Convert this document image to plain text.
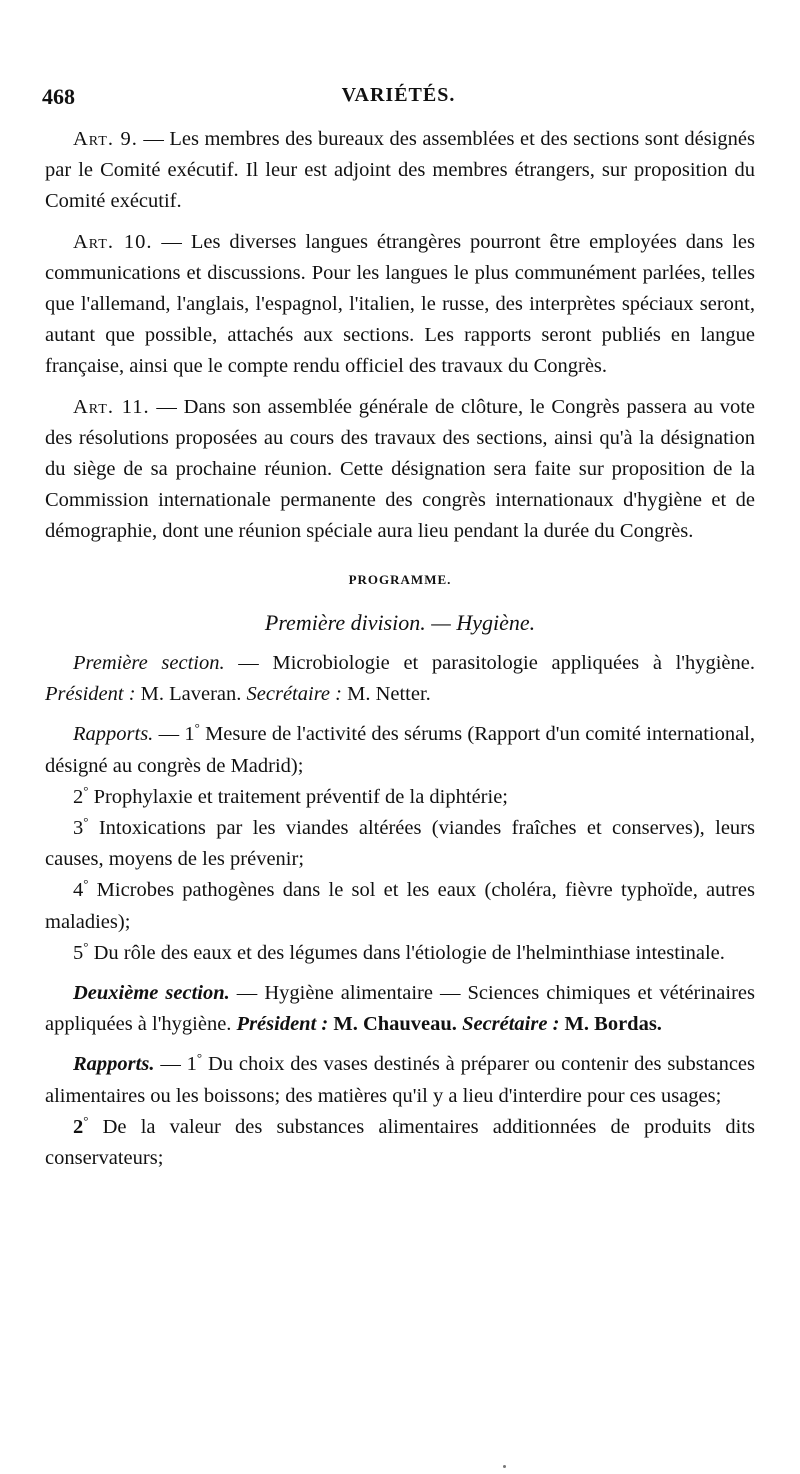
468	VARIÉTÉS.

Art. 9. — Les membres des bureaux des assemblées et des sections sont désignés par le Comité exécutif. Il leur est adjoint des membres étrangers, sur proposition du Comité exécutif.

Art. 10. — Les diverses langues étrangères pourront être employées dans les communications et discussions. Pour les langues le plus communément parlées, telles que l'allemand, l'anglais, l'espagnol, l'italien, le russe, des interprètes spéciaux seront, autant que possible, attachés aux sections. Les rapports seront publiés en langue française, ainsi que le compte rendu officiel des travaux du Congrès.

Art. 11. — Dans son assemblée générale de clôture, le Congrès passera au vote des résolutions proposées au cours des travaux des sections, ainsi qu'à la désignation du siège de sa prochaine réunion. Cette désignation sera faite sur proposition de la Commission internationale permanente des congrès internationaux d'hygiène et de démographie, dont une réunion spéciale aura lieu pendant la durée du Congrès.

PROGRAMME.

Première division. — Hygiène.

Première section. — Microbiologie et parasitologie appliquées à l'hygiène. Président : M. Laveran. Secrétaire : M. Netter.

Rapports. — 1° Mesure de l'activité des sérums (Rapport d'un comité international, désigné au congrès de Madrid);

2° Prophylaxie et traitement préventif de la diphtérie;

3° Intoxications par les viandes altérées (viandes fraîches et conserves), leurs causes, moyens de les prévenir;

4° Microbes pathogènes dans le sol et les eaux (choléra, fièvre typhoïde, autres maladies);

5° Du rôle des eaux et des légumes dans l'étiologie de l'helminthiase intestinale.

Deuxième section. — Hygiène alimentaire — Sciences chimiques et vétérinaires appliquées à l'hygiène. Président : M. Chauveau. Secrétaire : M. Bordas.

Rapports. — 1° Du choix des vases destinés à préparer ou contenir des substances alimentaires ou les boissons; des matières qu'il y a lieu d'interdire pour ces usages;

2° De la valeur des substances alimentaires additionnées de produits dits conservateurs;
